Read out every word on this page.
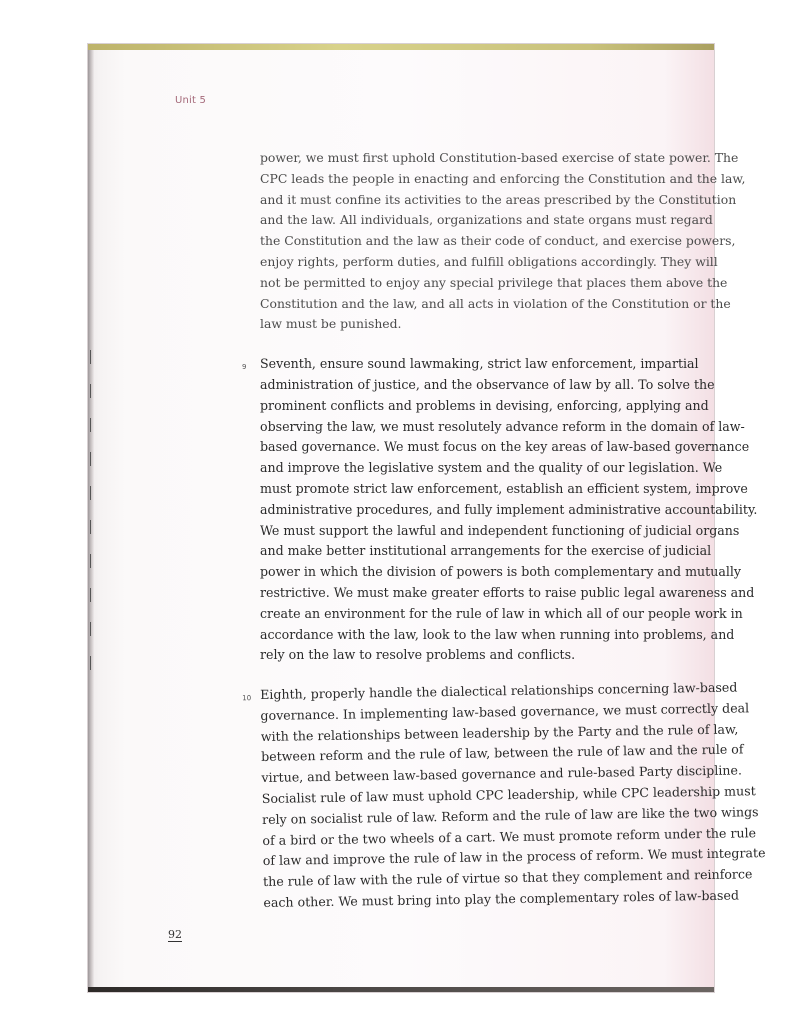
Unit 5
power, we must first uphold Constitution-based exercise of state power. The
CPC leads the people in enacting and enforcing the Constitution and the law,
and it must confine its activities to the areas prescribed by the Constitution
and the law. All individuals, organizations and state organs must regard
the Constitution and the law as their code of conduct, and exercise powers,
enjoy rights, perform duties, and fulfill obligations accordingly. They will
not be permitted to enjoy any special privilege that places them above the
Constitution and the law, and all acts in violation of the Constitution or the
law must be punished.
9 Seventh, ensure sound lawmaking, strict law enforcement, impartial
administration of justice, and the observance of law by all. To solve the
prominent conflicts and problems in devising, enforcing, applying and
observing the law, we must resolutely advance reform in the domain of law-
based governance. We must focus on the key areas of law-based governance
and improve the legislative system and the quality of our legislation. We
must promote strict law enforcement, establish an efficient system, improve
administrative procedures, and fully implement administrative accountability.
We must support the lawful and independent functioning of judicial organs
and make better institutional arrangements for the exercise of judicial
power in which the division of powers is both complementary and mutually
restrictive. We must make greater efforts to raise public legal awareness and
create an environment for the rule of law in which all of our people work in
accordance with the law, look to the law when running into problems, and
rely on the law to resolve problems and conflicts.
10 Eighth, properly handle the dialectical relationships concerning law-based
governance. In implementing law-based governance, we must correctly deal
with the relationships between leadership by the Party and the rule of law,
between reform and the rule of law, between the rule of law and the rule of
virtue, and between law-based governance and rule-based Party discipline.
Socialist rule of law must uphold CPC leadership, while CPC leadership must
rely on socialist rule of law. Reform and the rule of law are like the two wings
of a bird or the two wheels of a cart. We must promote reform under the rule
of law and improve the rule of law in the process of reform. We must integrate
the rule of law with the rule of virtue so that they complement and reinforce
each other. We must bring into play the complementary roles of law-based
92
